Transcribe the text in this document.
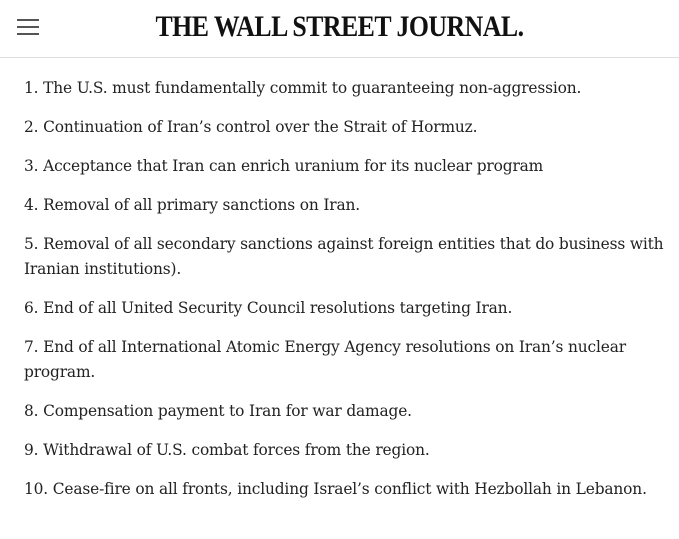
THE WALL STREET JOURNAL.

1. The U.S. must fundamentally commit to guaranteeing non-aggression.

2. Continuation of Iran’s control over the Strait of Hormuz.

3. Acceptance that Iran can enrich uranium for its nuclear program

4. Removal of all primary sanctions on Iran.

5. Removal of all secondary sanctions against foreign entities that do business with Iranian institutions).

6. End of all United Security Council resolutions targeting Iran.

7. End of all International Atomic Energy Agency resolutions on Iran’s nuclear program.

8. Compensation payment to Iran for war damage.

9. Withdrawal of U.S. combat forces from the region.

10. Cease-fire on all fronts, including Israel’s conflict with Hezbollah in Lebanon.
